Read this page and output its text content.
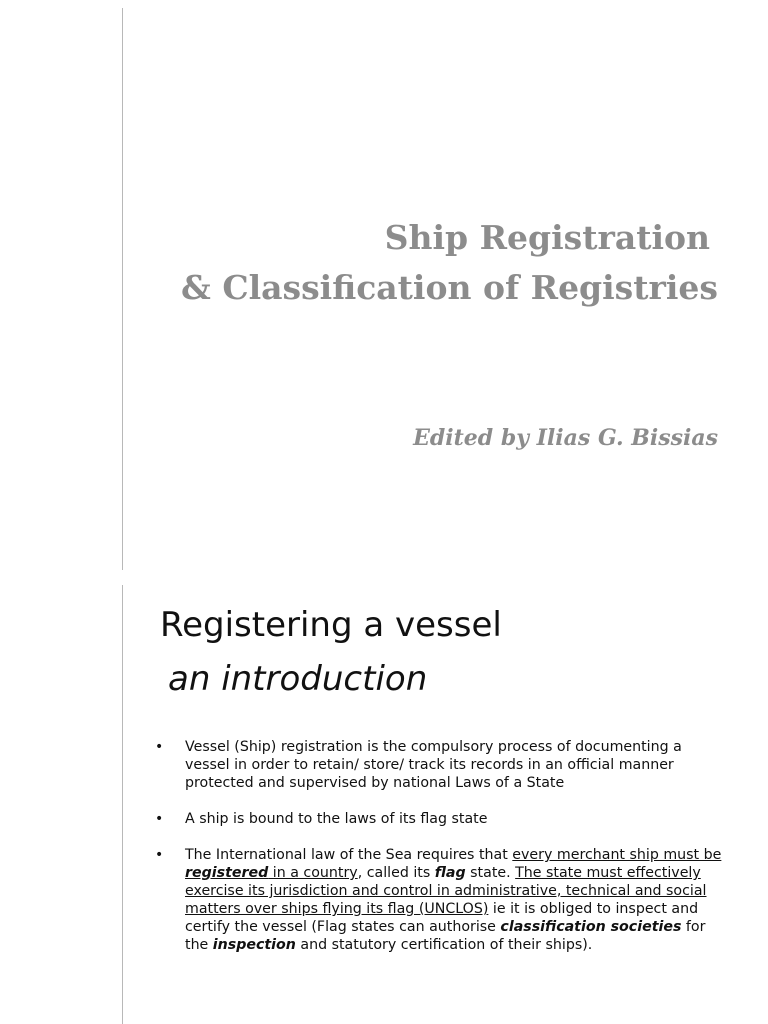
Ship Registration
& Classification of Registries
Edited by Ilias G. Bissias
Registering a vessel
an introduction
• Vessel (Ship) registration is the compulsory process of documenting a vessel in order to retain/ store/ track its records in an official manner protected and supervised by national Laws of a State
• A ship is bound to the laws of its flag state
• The International law of the Sea requires that every merchant ship must be registered in a country, called its flag state. The state must effectively exercise its jurisdiction and control in administrative, technical and social matters over ships flying its flag (UNCLOS) ie it is obliged to inspect and certify the vessel (Flag states can authorise classification societies for the inspection and statutory certification of their ships).
